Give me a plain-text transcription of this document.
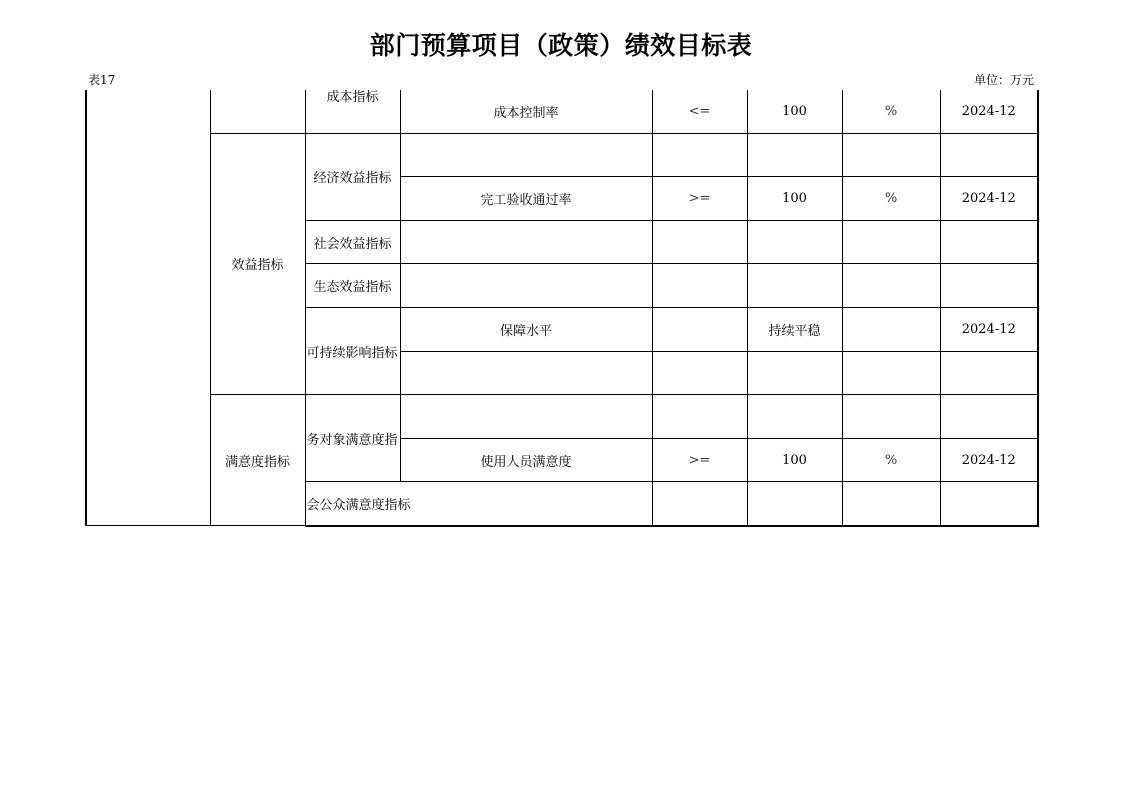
部门预算项目（政策）绩效目标表
表17	单位：万元
		成本指标	成本控制率	<=	100	%	2024-12
	效益指标	经济效益指标					
			完工验收通过率	>=	100	%	2024-12
		社会效益指标					
		生态效益指标					
		可持续影响指标	保障水平		持续平稳		2024-12

	满意度指标	务对象满意度指					
			使用人员满意度	>=	100	%	2024-12
		会公众满意度指标					
